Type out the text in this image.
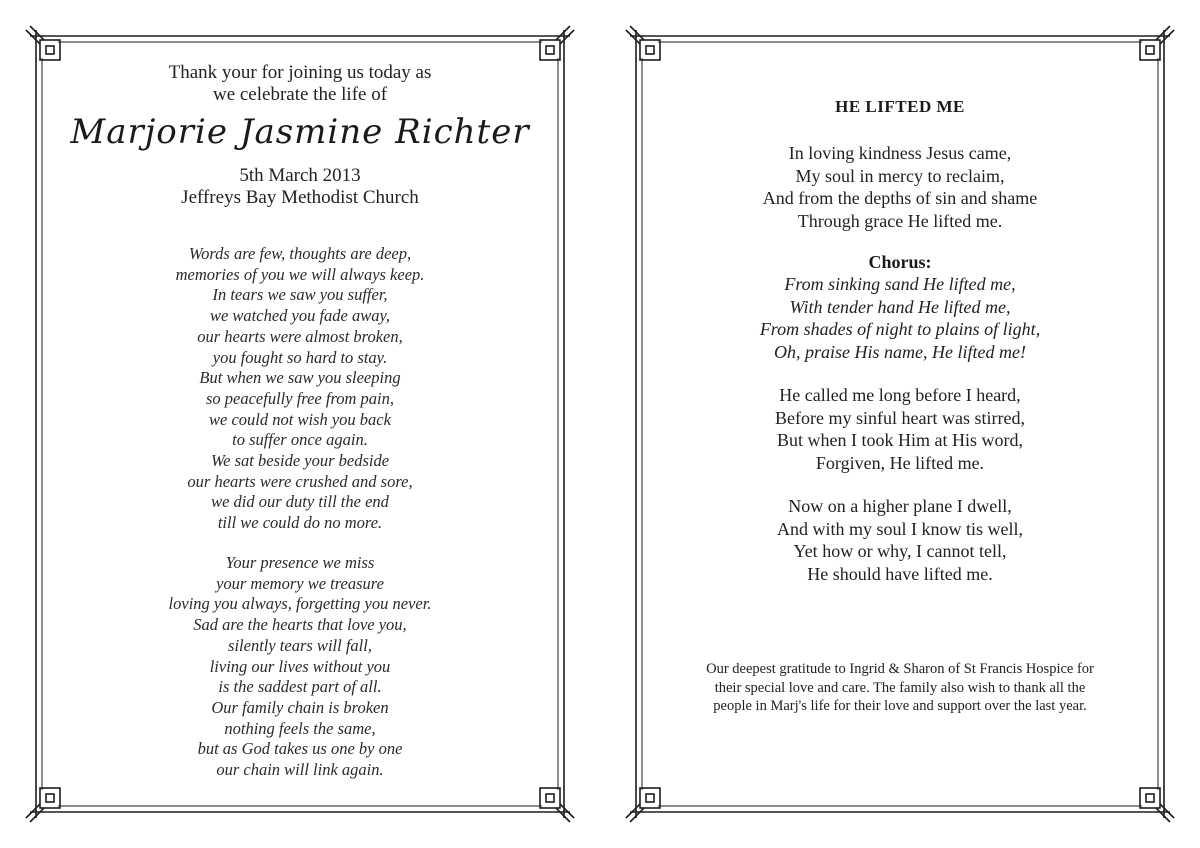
Thank your for joining us today as
we celebrate the life of
Marjorie Jasmine Richter
5th March 2013
Jeffreys Bay Methodist Church
Words are few, thoughts are deep,
memories of you we will always keep.
In tears we saw you suffer,
we watched you fade away,
our hearts were almost broken,
you fought so hard to stay.
But when we saw you sleeping
so peacefully free from pain,
we could not wish you back
to suffer once again.
We sat beside your bedside
our hearts were crushed and sore,
we did our duty till the end
till we could do no more.
Your presence we miss
your memory we treasure
loving you always, forgetting you never.
Sad are the hearts that love you,
silently tears will fall,
living our lives without you
is the saddest part of all.
Our family chain is broken
nothing feels the same,
but as God takes us one by one
our chain will link again.
HE LIFTED ME
In loving kindness Jesus came,
My soul in mercy to reclaim,
And from the depths of sin and shame
Through grace He lifted me.
Chorus:
From sinking sand He lifted me,
With tender hand He lifted me,
From shades of night to plains of light,
Oh, praise His name, He lifted me!
He called me long before I heard,
Before my sinful heart was stirred,
But when I took Him at His word,
Forgiven, He lifted me.
Now on a higher plane I dwell,
And with my soul I know tis well,
Yet how or why, I cannot tell,
He should have lifted me.
Our deepest gratitude to Ingrid & Sharon of St Francis Hospice for
their special love and care. The family also wish to thank all the
people in Marj's life for their love and support over the last year.
